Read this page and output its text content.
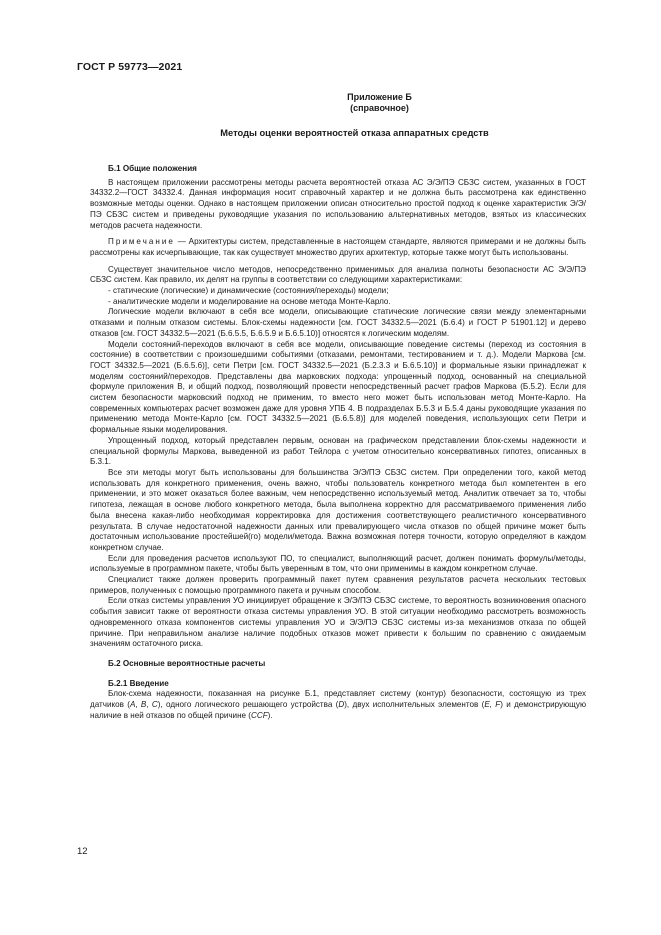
ГОСТ Р 59773—2021
Приложение Б
(справочное)
Методы оценки вероятностей отказа аппаратных средств

Б.1 Общие положения

В настоящем приложении рассмотрены методы расчета вероятностей отказа АС Э/Э/ПЭ СБЗС систем, указанных в ГОСТ 34332.2—ГОСТ 34332.4. Данная информация носит справочный характер и не должна быть рассмотрена как единственно возможные методы оценки. Однако в настоящем приложении описан относительно простой подход к оценке характеристик Э/Э/ПЭ СБЗС систем и приведены руководящие указания по использованию альтернативных методов, взятых из классических методов расчета надежности.

Примечание — Архитектуры систем, представленные в настоящем стандарте, являются примерами и не должны быть рассмотрены как исчерпывающие, так как существует множество других архитектур, которые также могут быть использованы.

Существует значительное число методов, непосредственно применимых для анализа полноты безопасности АС Э/Э/ПЭ СБЗС систем. Как правило, их делят на группы в соответствии со следующими характеристиками:

- статические (логические) и динамические (состояния/переходы) модели;

- аналитические модели и моделирование на основе метода Монте-Карло.

Логические модели включают в себя все модели, описывающие статические логические связи между элементарными отказами и полным отказом системы. Блок-схемы надежности [см. ГОСТ 34332.5—2021 (Б.6.4) и ГОСТ Р 51901.12] и дерево отказов [см. ГОСТ 34332.5—2021 (Б.6.5.5, Б.6.5.9 и Б.6.5.10)] относятся к логическим моделям.

Модели состояний-переходов включают в себя все модели, описывающие поведение системы (переход из состояния в состояние) в соответствии с произошедшими событиями (отказами, ремонтами, тестированием и т. д.). Модели Маркова [см. ГОСТ 34332.5—2021 (Б.6.5.6)], сети Петри [см. ГОСТ 34332.5—2021 (Б.2.3.3 и Б.6.5.10)] и формальные языки принадлежат к моделям состояний/переходов. Представлены два марковских подхода: упрощенный подход, основанный на специальной формуле приложения B, и общий подход, позволяющий провести непосредственный расчет графов Маркова (Б.5.2). Если для систем безопасности марковский подход не применим, то вместо него может быть использован метод Монте-Карло. На современных компьютерах расчет возможен даже для уровня УПБ 4. В подразделах Б.5.3 и Б.5.4 даны руководящие указания по применению метода Монте-Карло [см. ГОСТ 34332.5—2021 (Б.6.5.8)] для моделей поведения, использующих сети Петри и формальные языки моделирования.

Упрощенный подход, который представлен первым, основан на графическом представлении блок-схемы надежности и специальной формулы Маркова, выведенной из работ Тейлора с учетом относительно консервативных гипотез, описанных в Б.3.1.

Все эти методы могут быть использованы для большинства Э/Э/ПЭ СБЗС систем. При определении того, какой метод использовать для конкретного применения, очень важно, чтобы пользователь конкретного метода был компетентен в его применении, и это может оказаться более важным, чем непосредственно используемый метод. Аналитик отвечает за то, чтобы гипотеза, лежащая в основе любого конкретного метода, была выполнена корректно для рассматриваемого применения либо была внесена какая-либо необходимая корректировка для достижения соответствующего реалистичного консервативного результата. В случае недостаточной надежности данных или превалирующего числа отказов по общей причине может быть достаточным использование простейшей(го) модели/метода. Важна возможная потеря точности, которую определяют в каждом конкретном случае.

Если для проведения расчетов используют ПО, то специалист, выполняющий расчет, должен понимать формулы/методы, используемые в программном пакете, чтобы быть уверенным в том, что они применимы в каждом конкретном случае.

Специалист также должен проверить программный пакет путем сравнения результатов расчета нескольких тестовых примеров, полученных с помощью программного пакета и ручным способом.

Если отказ системы управления УО инициирует обращение к Э/Э/ПЭ СБЗС системе, то вероятность возникновения опасного события зависит также от вероятности отказа системы управления УО. В этой ситуации необходимо рассмотреть возможность одновременного отказа компонентов системы управления УО и Э/Э/ПЭ СБЗС системы из-за механизмов отказа по общей причине. При неправильном анализе наличие подобных отказов может привести к большим по сравнению с ожидаемым значениям остаточного риска.

Б.2 Основные вероятностные расчеты

Б.2.1 Введение

Блок-схема надежности, показанная на рисунке Б.1, представляет систему (контур) безопасности, состоящую из трех датчиков (A, B, C), одного логического решающего устройства (D), двух исполнительных элементов (E, F) и демонстрирующую наличие в ней отказов по общей причине (CCF).

12
